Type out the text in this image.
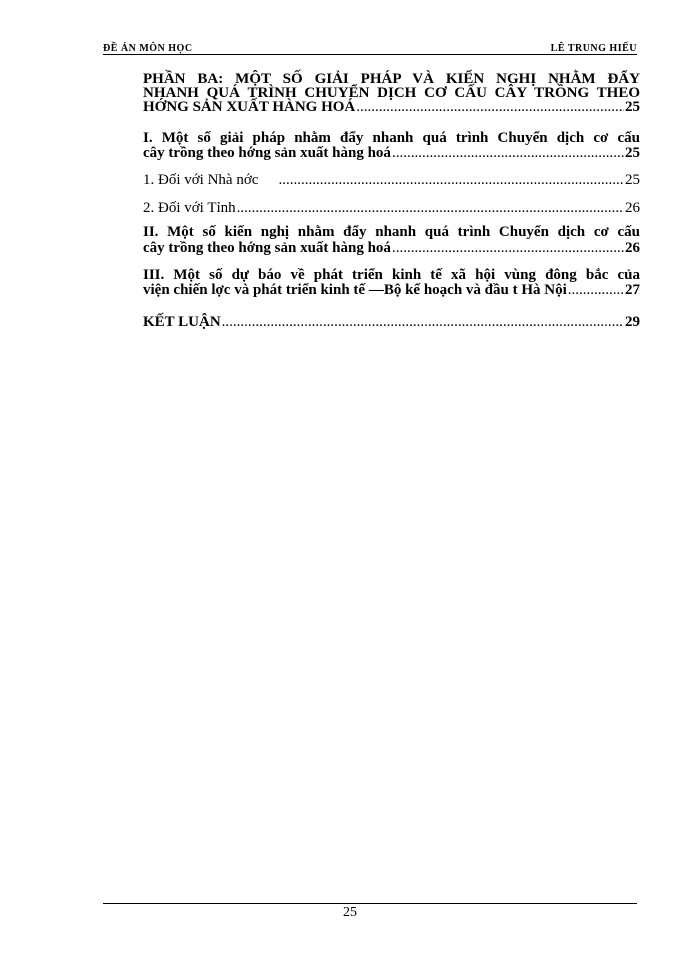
ĐỀ ÁN MÔN HỌC	LÊ TRUNG HIẾU
PHẦN BA: MỘT SỐ GIẢI PHÁP VÀ KIẾN NGHỊ NHẰM ĐẨY
NHANH QUÁ TRÌNH CHUYỂN DỊCH CƠ CẤU CÂY TRỒNG THEO
HỚNG SẢN XUẤT HÀNG HOÁ .....	25
I. Một số giải pháp nhằm đẩy nhanh quá trình Chuyển dịch cơ cấu
cây trồng theo hớng sản xuất hàng hoá .....	25
1. Đối với Nhà nớc .....	25
2. Đối với Tỉnh .....	26
II. Một số kiến nghị nhằm đẩy nhanh quá trình Chuyển dịch cơ cấu
cây trồng theo hớng sản xuất hàng hoá .....	26
III. Một số dự báo về phát triển kinh tế xã hội vùng đông bắc của
viện chiến lợc và phát triển kinh tế —Bộ kế hoạch và đầu t Hà Nội .....	27
KẾT LUẬN .....	29
25
